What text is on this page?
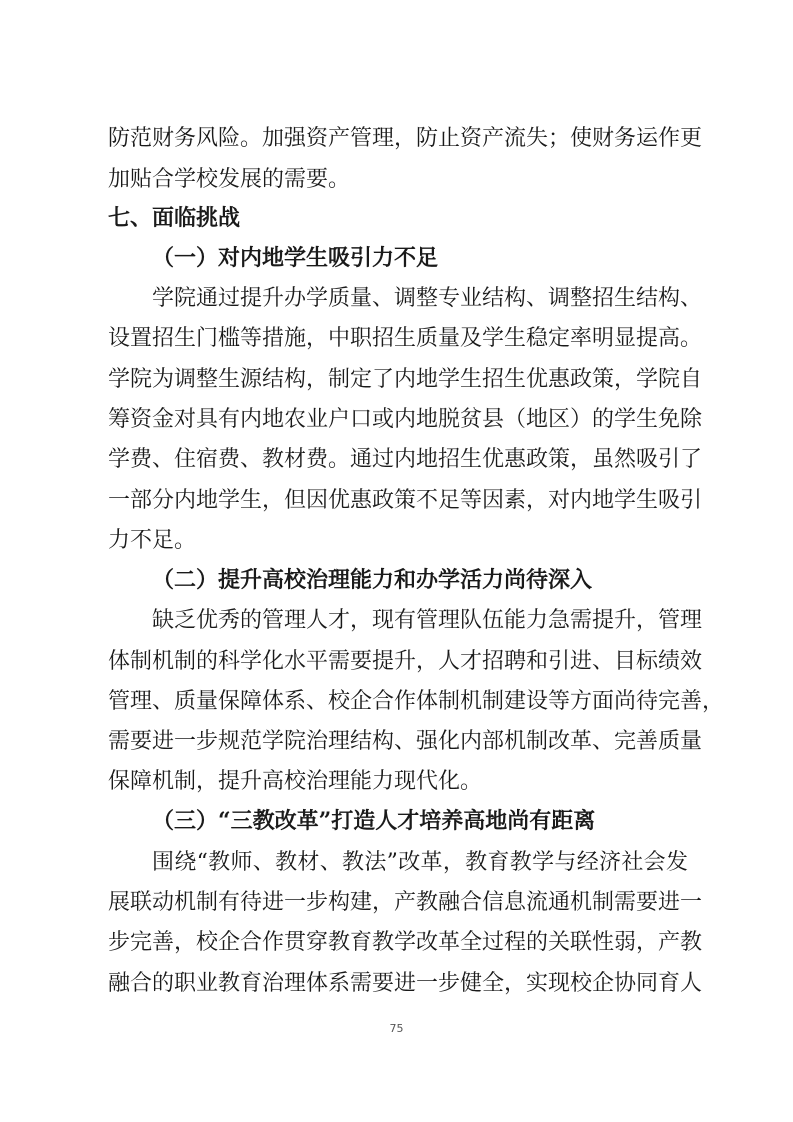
防范财务风险。加强资产管理，防止资产流失；使财务运作更
加贴合学校发展的需要。
七、面临挑战
（一）对内地学生吸引力不足
学院通过提升办学质量、调整专业结构、调整招生结构、
设置招生门槛等措施，中职招生质量及学生稳定率明显提高。
学院为调整生源结构，制定了内地学生招生优惠政策，学院自
筹资金对具有内地农业户口或内地脱贫县（地区）的学生免除
学费、住宿费、教材费。通过内地招生优惠政策，虽然吸引了
一部分内地学生，但因优惠政策不足等因素，对内地学生吸引
力不足。
（二）提升高校治理能力和办学活力尚待深入
缺乏优秀的管理人才，现有管理队伍能力急需提升，管理
体制机制的科学化水平需要提升，人才招聘和引进、目标绩效
管理、质量保障体系、校企合作体制机制建设等方面尚待完善，
需要进一步规范学院治理结构、强化内部机制改革、完善质量
保障机制，提升高校治理能力现代化。
（三）“三教改革”打造人才培养高地尚有距离
围绕“教师、教材、教法”改革，教育教学与经济社会发
展联动机制有待进一步构建，产教融合信息流通机制需要进一
步完善，校企合作贯穿教育教学改革全过程的关联性弱，产教
融合的职业教育治理体系需要进一步健全，实现校企协同育人
75
